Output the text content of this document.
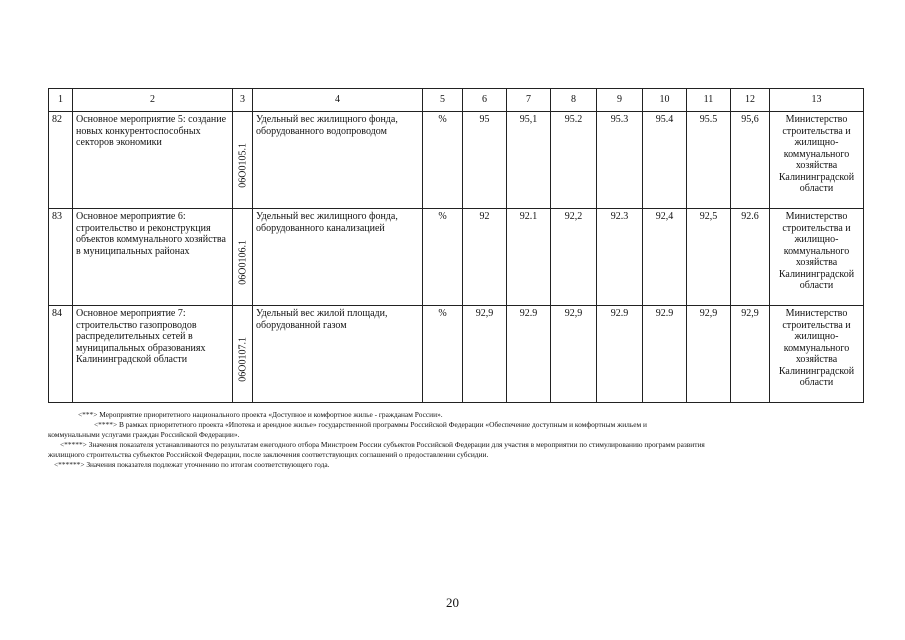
1	2	3	4	5	6	7	8	9	10	11	12	13
82	Основное мероприятие 5: создание новых конкурентоспособных секторов экономики	06О0105.1	Удельный вес жилищного фонда, оборудованного водопроводом	%	95	95,1	95.2	95.3	95.4	95.5	95,6	Министерство строительства и жилищно-коммунального хозяйства Калининградской области
83	Основное мероприятие 6: строительство и реконструкция объектов коммунального хозяйства в муниципальных районах	06О0106.1	Удельный вес жилищного фонда, оборудованного канализацией	%	92	92.1	92,2	92.3	92,4	92,5	92.6	Министерство строительства и жилищно-коммунального хозяйства Калининградской области
84	Основное мероприятие 7: строительство газопроводов распределительных сетей в муниципальных образованиях Калининградской области	06О0107.1	Удельный вес жилой площади, оборудованной газом	%	92,9	92.9	92,9	92.9	92.9	92,9	92,9	Министерство строительства и жилищно-коммунального хозяйства Калининградской области

<***> Мероприятие приоритетного национального проекта «Доступное и комфортное жилье - гражданам России».

<****> В рамках приоритетного проекта «Ипотека и арендное жилье» государственной программы Российской Федерации «Обеспечение доступным и комфортным жильем и

коммунальными услугами граждан Российской Федерации».

<*****> Значения показателя устанавливаются по результатам ежегодного отбора Минстроем России субъектов Российской Федерации для участия в мероприятии по стимулированию программ развития

жилищного строительства субъектов Российской Федерации, после заключения соответствующих соглашений о предоставлении субсидии.

<******> Значения показателя подлежат уточнению по итогам соответствующего года.

20
